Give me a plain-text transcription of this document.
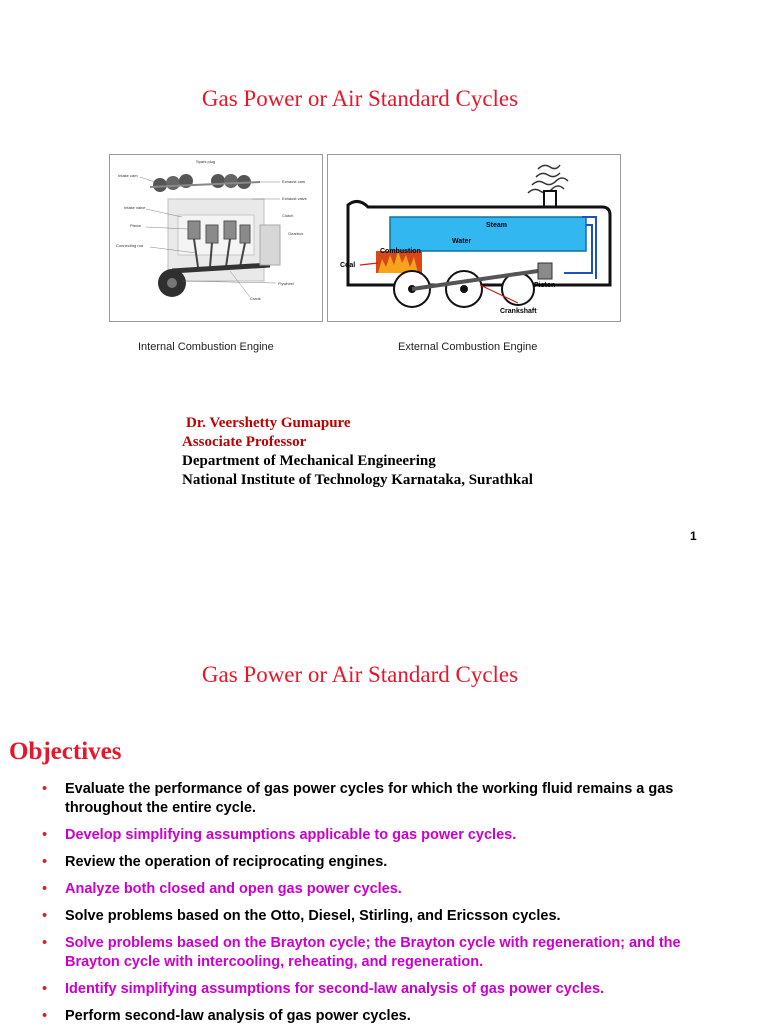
Gas Power or Air Standard Cycles
Spark plug
Intake cam
Exhaust cam
Exhaust valve
Intake valve
Clutch
Piston
Gearbox
Connecting rod
Flywheel
Crank
Steam
Water
Combustion
Coal
Piston
Crankshaft
Internal Combustion Engine	External Combustion Engine
Dr. Veershetty Gumapure
Associate Professor
Department of Mechanical Engineering
National Institute of Technology Karnataka, Surathkal
1
Gas Power or Air Standard Cycles
Objectives
• Evaluate the performance of gas power cycles for which the working fluid remains a gas throughout the entire cycle.
• Develop simplifying assumptions applicable to gas power cycles.
• Review the operation of reciprocating engines.
• Analyze both closed and open gas power cycles.
• Solve problems based on the Otto, Diesel, Stirling, and Ericsson cycles.
• Solve problems based on the Brayton cycle; the Brayton cycle with regeneration; and the Brayton cycle with intercooling, reheating, and regeneration.
• Identify simplifying assumptions for second-law analysis of gas power cycles.
• Perform second-law analysis of gas power cycles.
